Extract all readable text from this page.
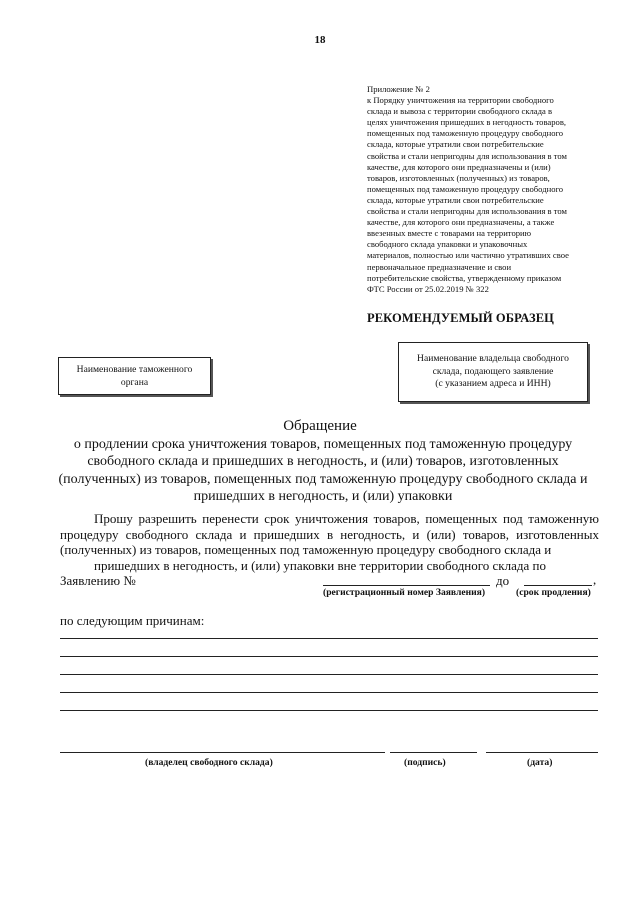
18
Приложение № 2
к Порядку уничтожения на территории свободного
склада и вывоза с территории свободного склада в
целях уничтожения пришедших в негодность товаров,
помещенных под таможенную процедуру свободного
склада, которые утратили свои потребительские
свойства и стали непригодны для использования в том
качестве, для которого они предназначены и (или)
товаров, изготовленных (полученных) из товаров,
помещенных под таможенную процедуру свободного
склада, которые утратили свои потребительские
свойства и стали непригодны для использования в том
качестве, для которого они предназначены, а также
ввезенных вместе с товарами на территорию
свободного склада упаковки и упаковочных
материалов, полностью или частично утративших свое
первоначальное предназначение и свои
потребительские свойства, утвержденному приказом
ФТС России от 25.02.2019 № 322
РЕКОМЕНДУЕМЫЙ ОБРАЗЕЦ
Наименование таможенного
органа
Наименование владельца свободного
склада, подающего заявление
(с указанием адреса и ИНН)
Обращение
о продлении срока уничтожения товаров, помещенных под таможенную процедуру
свободного склада и пришедших в негодность, и (или) товаров, изготовленных
(полученных) из товаров, помещенных под таможенную процедуру свободного склада и
пришедших в негодность, и (или) упаковки
Прошу разрешить перенести срок уничтожения товаров, помещенных под таможенную процедуру свободного склада и пришедших в негодность, и (или) товаров, изготовленных (полученных) из товаров, помещенных под таможенную процедуру свободного склада и
пришедших в негодность, и (или) упаковки вне территории свободного склада по
Заявлению №	до	,
(регистрационный номер Заявления)	(срок продления)
по следующим причинам:
(владелец свободного склада)	(подпись)	(дата)
